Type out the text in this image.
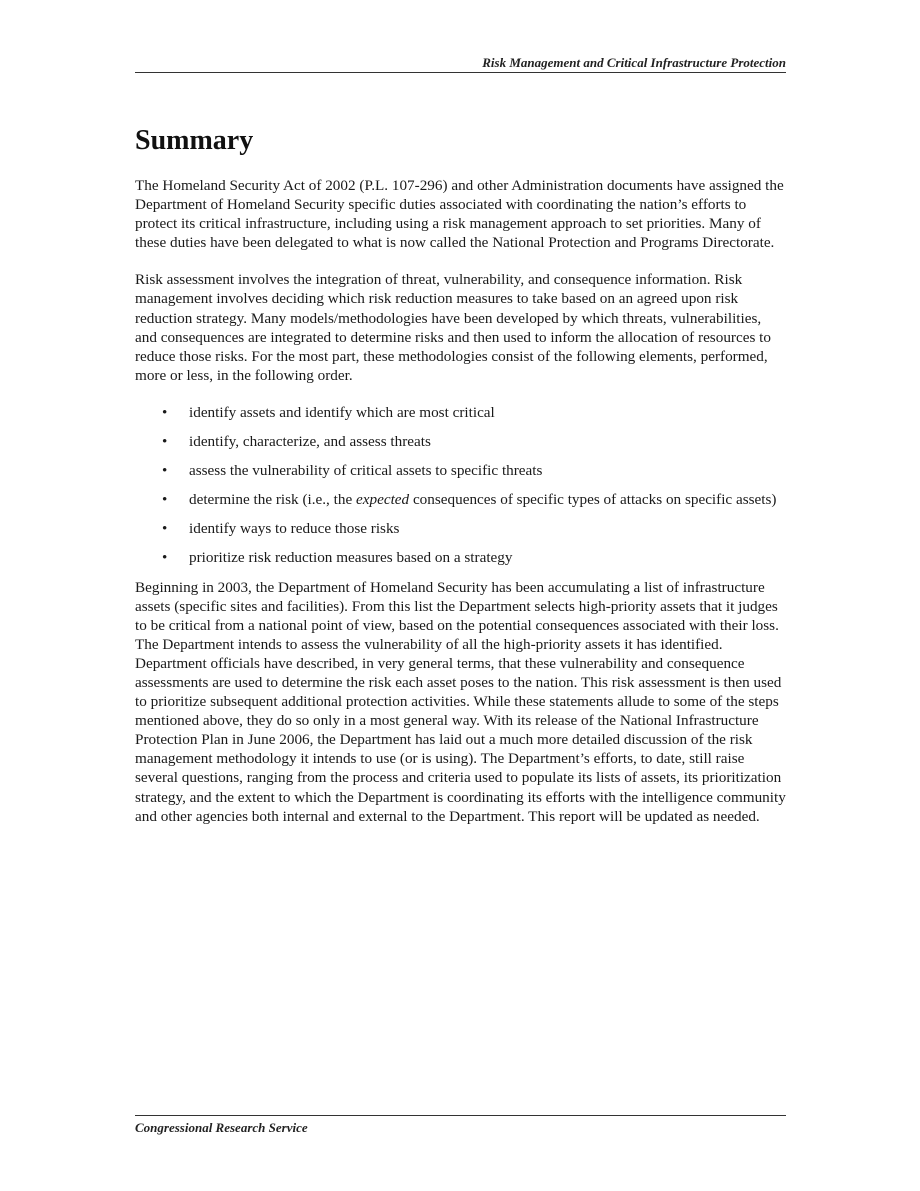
Risk Management and Critical Infrastructure Protection
Summary

The Homeland Security Act of 2002 (P.L. 107-296) and other Administration documents have assigned the Department of Homeland Security specific duties associated with coordinating the nation’s efforts to protect its critical infrastructure, including using a risk management approach to set priorities. Many of these duties have been delegated to what is now called the National Protection and Programs Directorate.

Risk assessment involves the integration of threat, vulnerability, and consequence information. Risk management involves deciding which risk reduction measures to take based on an agreed upon risk reduction strategy. Many models/methodologies have been developed by which threats, vulnerabilities, and consequences are integrated to determine risks and then used to inform the allocation of resources to reduce those risks. For the most part, these methodologies consist of the following elements, performed, more or less, in the following order.

• identify assets and identify which are most critical
• identify, characterize, and assess threats
• assess the vulnerability of critical assets to specific threats
• determine the risk (i.e., the expected consequences of specific types of attacks on specific assets)
• identify ways to reduce those risks
• prioritize risk reduction measures based on a strategy

Beginning in 2003, the Department of Homeland Security has been accumulating a list of infrastructure assets (specific sites and facilities). From this list the Department selects high-priority assets that it judges to be critical from a national point of view, based on the potential consequences associated with their loss. The Department intends to assess the vulnerability of all the high-priority assets it has identified. Department officials have described, in very general terms, that these vulnerability and consequence assessments are used to determine the risk each asset poses to the nation. This risk assessment is then used to prioritize subsequent additional protection activities. While these statements allude to some of the steps mentioned above, they do so only in a most general way. With its release of the National Infrastructure Protection Plan in June 2006, the Department has laid out a much more detailed discussion of the risk management methodology it intends to use (or is using). The Department’s efforts, to date, still raise several questions, ranging from the process and criteria used to populate its lists of assets, its prioritization strategy, and the extent to which the Department is coordinating its efforts with the intelligence community and other agencies both internal and external to the Department. This report will be updated as needed.

Congressional Research Service
